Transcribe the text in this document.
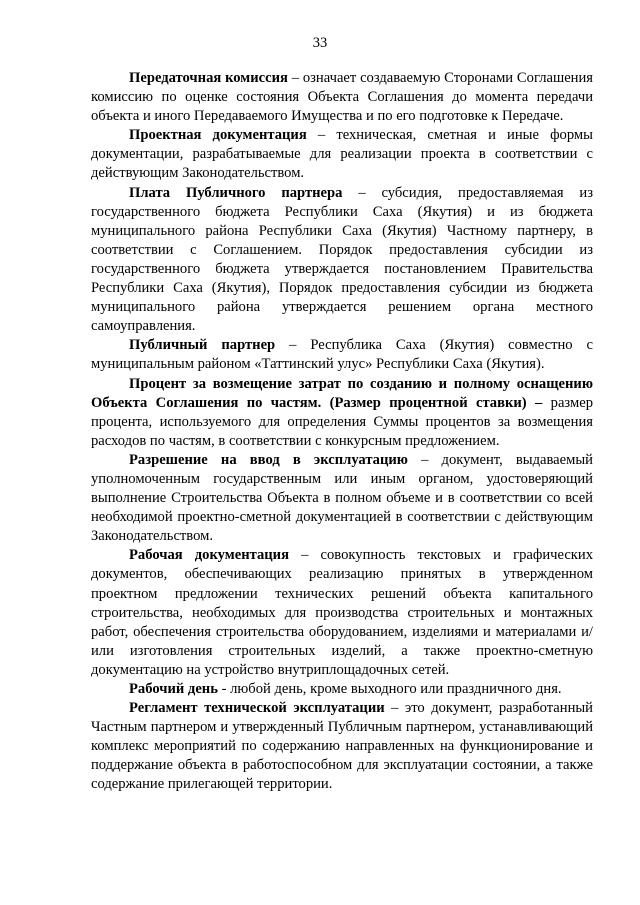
33

Передаточная комиссия – означает создаваемую Сторонами Соглашения комиссию по оценке состояния Объекта Соглашения до момента передачи объекта и иного Передаваемого Имущества и по его подготовке к Передаче.

Проектная документация – техническая, сметная и иные формы документации, разрабатываемые для реализации проекта в соответствии с действующим Законодательством.

Плата Публичного партнера – субсидия, предоставляемая из государственного бюджета Республики Саха (Якутия) и из бюджета муниципального района Республики Саха (Якутия) Частному партнеру, в соответствии с Соглашением. Порядок предоставления субсидии из государственного бюджета утверждается постановлением Правительства Республики Саха (Якутия), Порядок предоставления субсидии из бюджета муниципального района утверждается решением органа местного самоуправления.

Публичный партнер – Республика Саха (Якутия) совместно с муниципальным районом «Таттинский улус» Республики Саха (Якутия).

Процент за возмещение затрат по созданию и полному оснащению Объекта Соглашения по частям. (Размер процентной ставки) – размер процента, используемого для определения Суммы процентов за возмещения расходов по частям, в соответствии с конкурсным предложением.

Разрешение на ввод в эксплуатацию – документ, выдаваемый уполномоченным государственным или иным органом, удостоверяющий выполнение Строительства Объекта в полном объеме и в соответствии со всей необходимой проектно-сметной документацией в соответствии с действующим Законодательством.

Рабочая документация – совокупность текстовых и графических документов, обеспечивающих реализацию принятых в утвержденном проектном предложении технических решений объекта капитального строительства, необходимых для производства строительных и монтажных работ, обеспечения строительства оборудованием, изделиями и материалами и/или изготовления строительных изделий, а также проектно-сметную документацию на устройство внутриплощадочных сетей.

Рабочий день - любой день, кроме выходного или праздничного дня.

Регламент технической эксплуатации – это документ, разработанный Частным партнером и утвержденный Публичным партнером, устанавливающий комплекс мероприятий по содержанию направленных на функционирование и поддержание объекта в работоспособном для эксплуатации состоянии, а также содержание прилегающей территории.
